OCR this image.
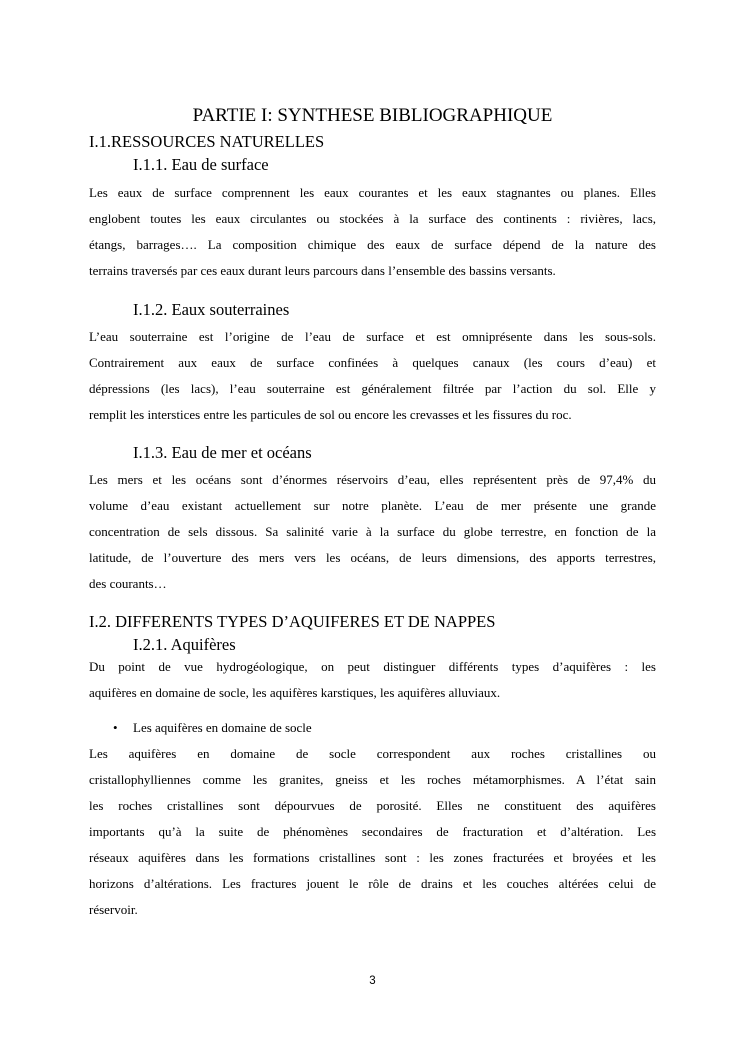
PARTIE I: SYNTHESE BIBLIOGRAPHIQUE
I.1.RESSOURCES NATURELLES
I.1.1. Eau de surface
Les eaux de surface comprennent les eaux courantes et les eaux stagnantes ou planes. Elles
englobent toutes les eaux circulantes ou stockées à la surface des continents : rivières, lacs,
étangs, barrages…. La composition chimique des eaux de surface dépend de la nature des
terrains traversés par ces eaux durant leurs parcours dans l’ensemble des bassins versants.
I.1.2. Eaux souterraines
L’eau souterraine est l’origine de l’eau de surface et est omniprésente dans les sous-sols.
Contrairement aux eaux de surface confinées à quelques canaux (les cours d’eau) et
dépressions (les lacs), l’eau souterraine est généralement filtrée par l’action du sol. Elle y
remplit les interstices entre les particules de sol ou encore les crevasses et les fissures du roc.
I.1.3. Eau de mer et océans
Les mers et les océans sont d’énormes réservoirs d’eau, elles représentent près de 97,4% du
volume d’eau existant actuellement sur notre planète. L’eau de mer présente une grande
concentration de sels dissous. Sa salinité varie à la surface du globe terrestre, en fonction de la
latitude, de l’ouverture des mers vers les océans, de leurs dimensions, des apports terrestres,
des courants…
I.2. DIFFERENTS TYPES D’AQUIFERES ET DE NAPPES
I.2.1. Aquifères
Du point de vue hydrogéologique, on peut distinguer différents types d’aquifères : les
aquifères en domaine de socle, les aquifères karstiques, les aquifères alluviaux.
• Les aquifères en domaine de socle
Les aquifères en domaine de socle correspondent aux roches cristallines ou
cristallophylliennes comme les granites, gneiss et les roches métamorphismes. A l’état sain
les roches cristallines sont dépourvues de porosité. Elles ne constituent des aquifères
importants qu’à la suite de phénomènes secondaires de fracturation et d’altération. Les
réseaux aquifères dans les formations cristallines sont : les zones fracturées et broyées et les
horizons d’altérations. Les fractures jouent le rôle de drains et les couches altérées celui de
réservoir.
3
